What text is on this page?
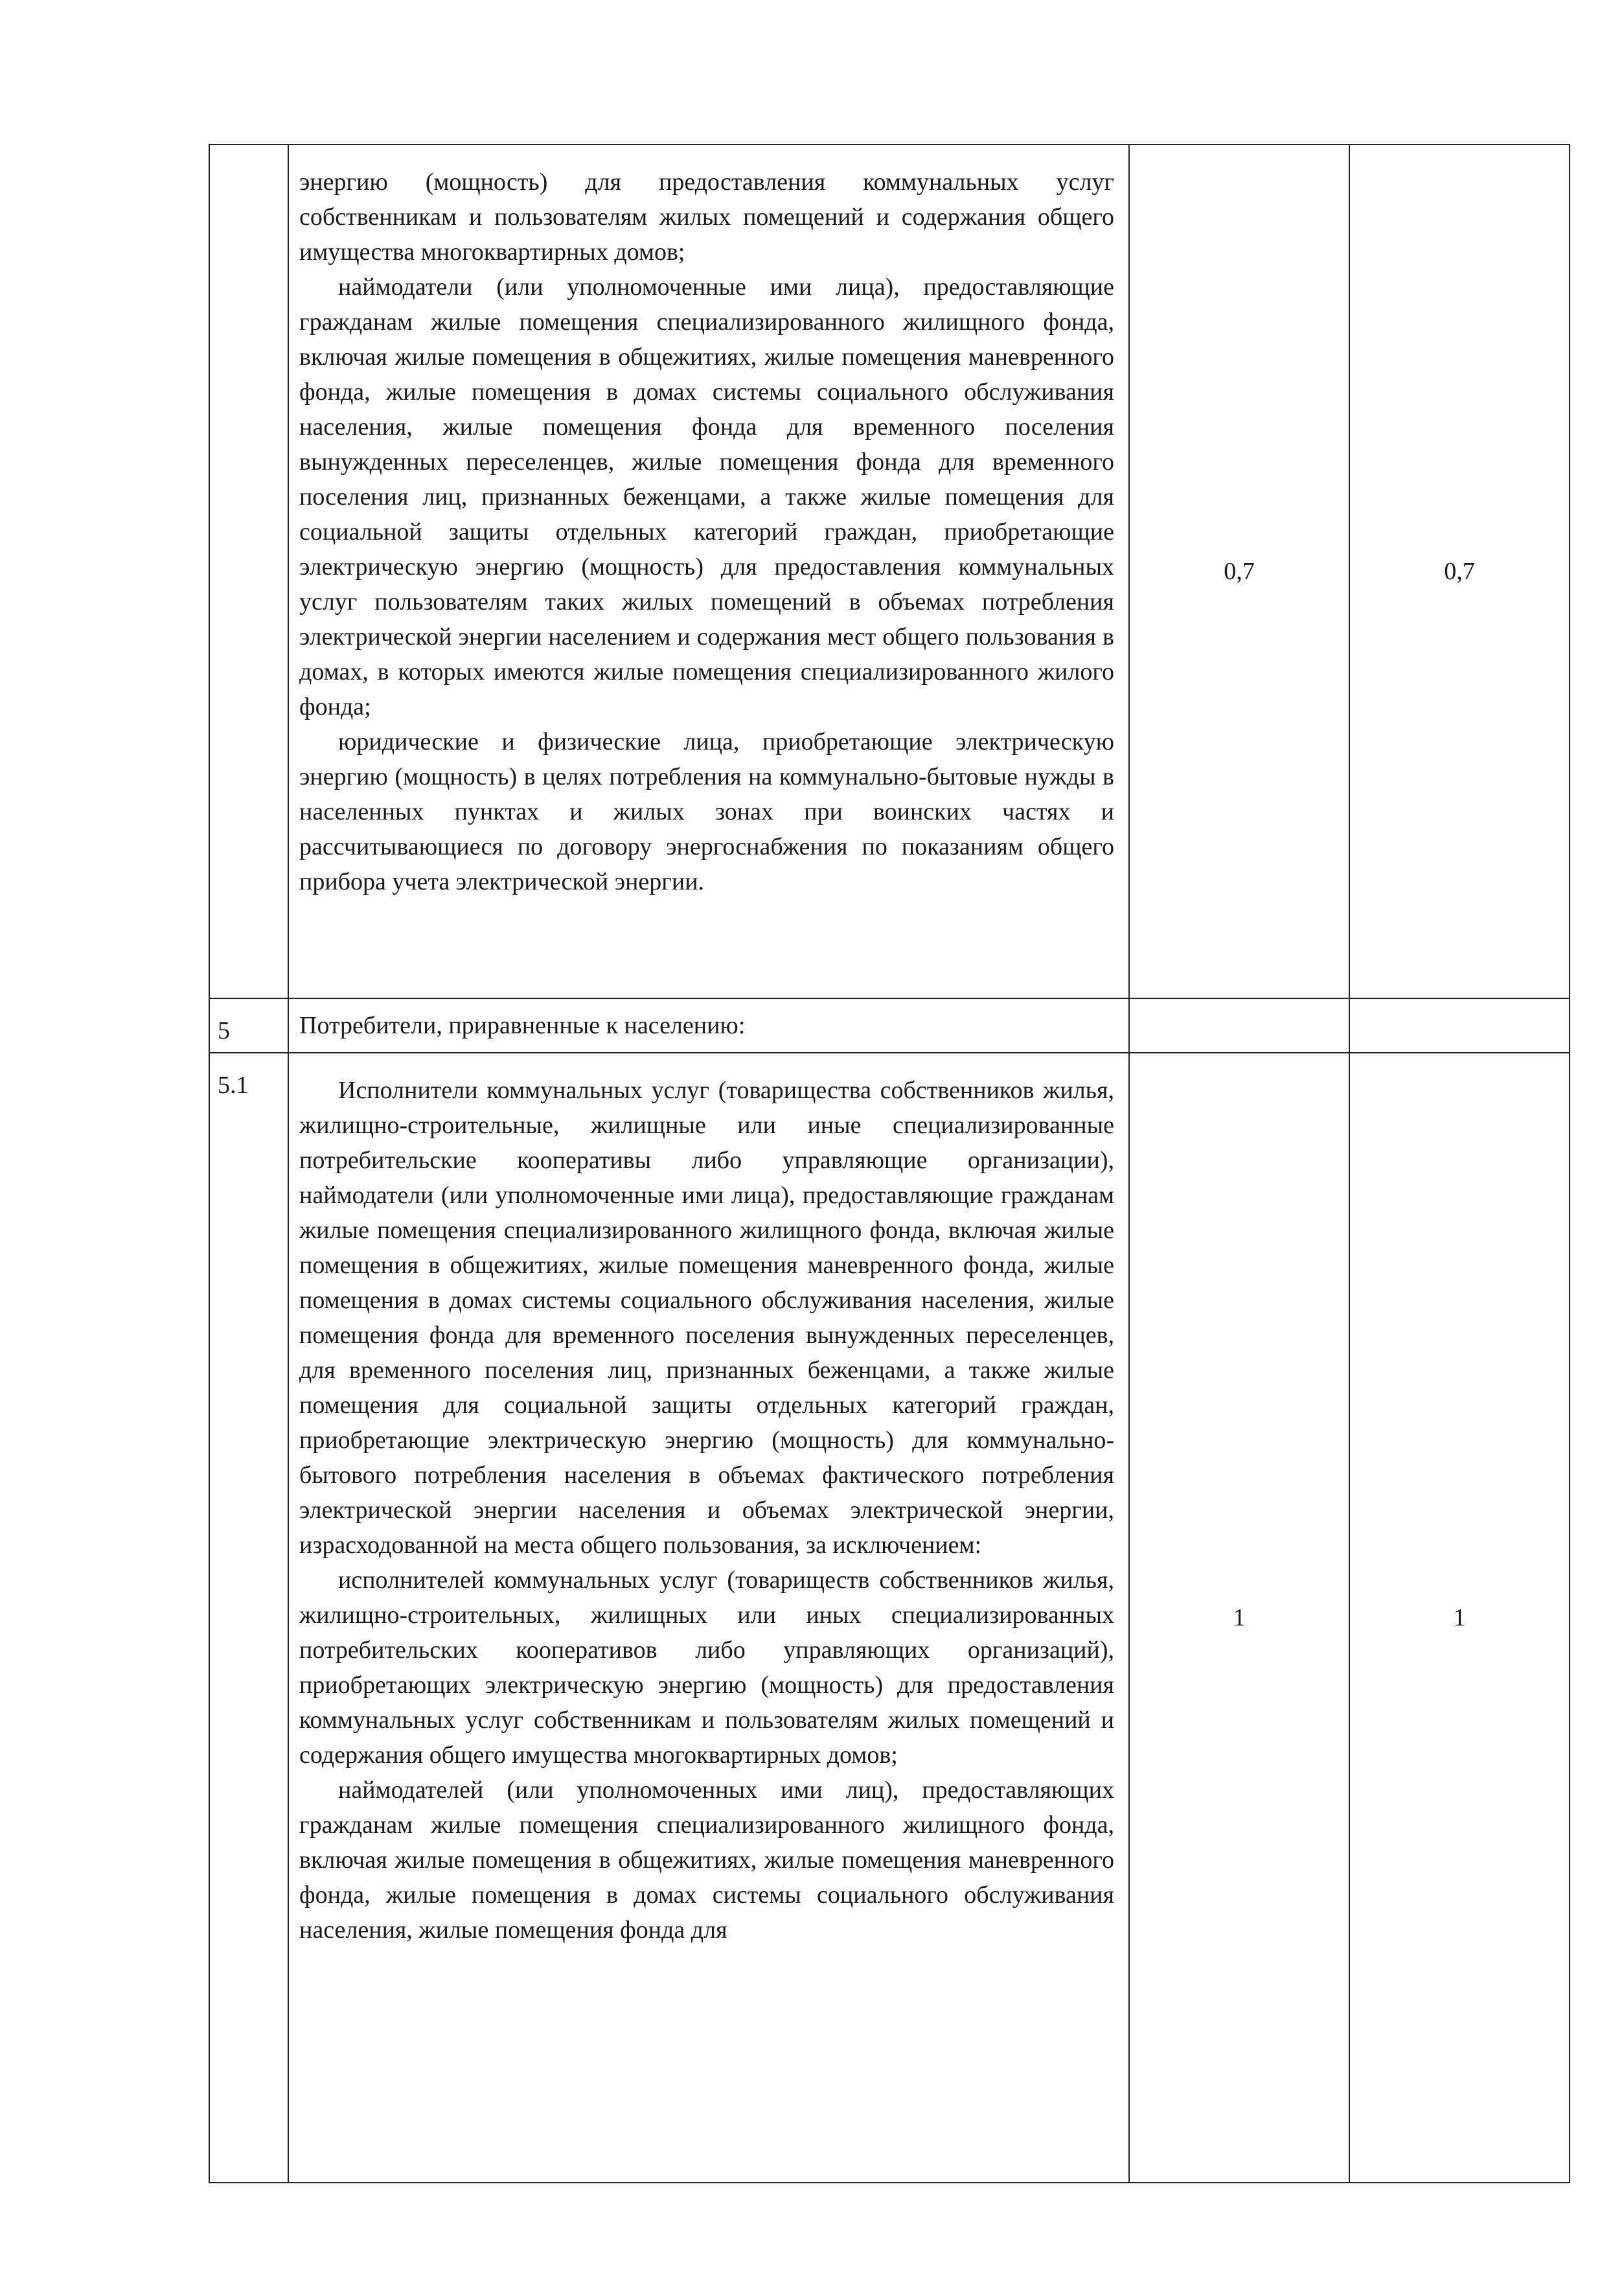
	энергию (мощность) для предоставления коммунальных услуг собственникам и пользователям жилых помещений и содержания общего имущества многоквартирных домов;

наймодатели (или уполномоченные ими лица), предоставляющие гражданам жилые помещения специализированного жилищного фонда, включая жилые помещения в общежитиях, жилые помещения маневренного фонда, жилые помещения в домах системы социального обслуживания населения, жилые помещения фонда для временного поселения вынужденных переселенцев, жилые помещения фонда для временного поселения лиц, признанных беженцами, а также жилые помещения для социальной защиты отдельных категорий граждан, приобретающие электрическую энергию (мощность) для предоставления коммунальных услуг пользователям таких жилых помещений в объемах потребления электрической энергии населением и содержания мест общего пользования в домах, в которых имеются жилые помещения специализированного жилого фонда;

юридические и физические лица, приобретающие электрическую энергию (мощность) в целях потребления на коммунально-бытовые нужды в населенных пунктах и жилых зонах при воинских частях и рассчитывающиеся по договору энергоснабжения по показаниям общего прибора учета электрической энергии.	0,7	0,7
5	Потребители, приравненные к населению:		
5.1	Исполнители коммунальных услуг (товарищества собственников жилья, жилищно-строительные, жилищные или иные специализированные потребительские кооперативы либо управляющие организации), наймодатели (или уполномоченные ими лица), предоставляющие гражданам жилые помещения специализированного жилищного фонда, включая жилые помещения в общежитиях, жилые помещения маневренного фонда, жилые помещения в домах системы социального обслуживания населения, жилые помещения фонда для временного поселения вынужденных переселенцев, для временного поселения лиц, признанных беженцами, а также жилые помещения для социальной защиты отдельных категорий граждан, приобретающие электрическую энергию (мощность) для коммунально-бытового потребления населения в объемах фактического потребления электрической энергии населения и объемах электрической энергии, израсходованной на места общего пользования, за исключением:

исполнителей коммунальных услуг (товариществ собственников жилья, жилищно-строительных, жилищных или иных специализированных потребительских кооперативов либо управляющих организаций), приобретающих электрическую энергию (мощность) для предоставления коммунальных услуг собственникам и пользователям жилых помещений и содержания общего имущества многоквартирных домов;

наймодателей (или уполномоченных ими лиц), предоставляющих гражданам жилые помещения специализированного жилищного фонда, включая жилые помещения в общежитиях, жилые помещения маневренного фонда, жилые помещения в домах системы социального обслуживания населения, жилые помещения фонда для	1	1
